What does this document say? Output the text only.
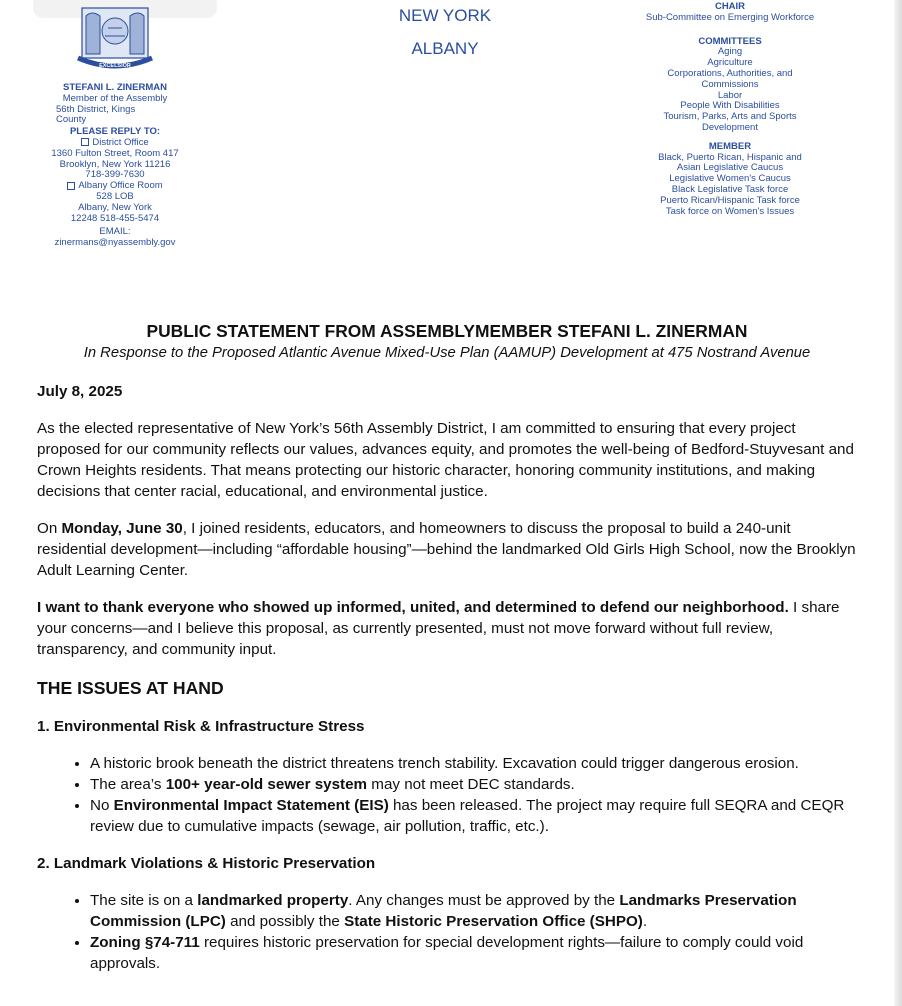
EXCELSIOR
STEFANI L. ZINERMAN
Member of the Assembly
56th District, Kings
County
PLEASE REPLY TO:
District Office
1360 Fulton Street, Room 417
Brooklyn, New York 11216
718-399-7630
Albany Office Room
528 LOB
Albany, New York
12248 518-455-5474
EMAIL:
zinermans@nyassembly.gov
NEW YORK
ALBANY
CHAIR
Sub-Committee on Emerging Workforce
COMMITTEES
Aging
Agriculture
Corporations, Authorities, and
Commissions
Labor
People With Disabilities
Tourism, Parks, Arts and Sports
Development
MEMBER
Black, Puerto Rican, Hispanic and
Asian Legislative Caucus
Legislative Women's Caucus
Black Legislative Task force
Puerto Rican/Hispanic Task force
Task force on Women's Issues
PUBLIC STATEMENT FROM ASSEMBLYMEMBER STEFANI L. ZINERMAN
In Response to the Proposed Atlantic Avenue Mixed-Use Plan (AAMUP) Development at 475 Nostrand Avenue
July 8, 2025

As the elected representative of New York’s 56th Assembly District, I am committed to ensuring that every project proposed for our community reflects our values, advances equity, and promotes the well-being of Bedford-Stuyvesant and Crown Heights residents. That means protecting our historic character, honoring community institutions, and making decisions that center racial, educational, and environmental justice.

On Monday, June 30, I joined residents, educators, and homeowners to discuss the proposal to build a 240-unit residential development—including “affordable housing”—behind the landmarked Old Girls High School, now the Brooklyn Adult Learning Center.

I want to thank everyone who showed up informed, united, and determined to defend our neighborhood. I share your concerns—and I believe this proposal, as currently presented, must not move forward without full review, transparency, and community input.

THE ISSUES AT HAND
1. Environmental Risk & Infrastructure Stress
• A historic brook beneath the district threatens trench stability. Excavation could trigger dangerous erosion.
• The area’s 100+ year-old sewer system may not meet DEC standards.
• No Environmental Impact Statement (EIS) has been released. The project may require full SEQRA and CEQR review due to cumulative impacts (sewage, air pollution, traffic, etc.).
2. Landmark Violations & Historic Preservation
• The site is on a landmarked property. Any changes must be approved by the Landmarks Preservation Commission (LPC) and possibly the State Historic Preservation Office (SHPO).
• Zoning §74-711 requires historic preservation for special development rights—failure to comply could void approvals.
